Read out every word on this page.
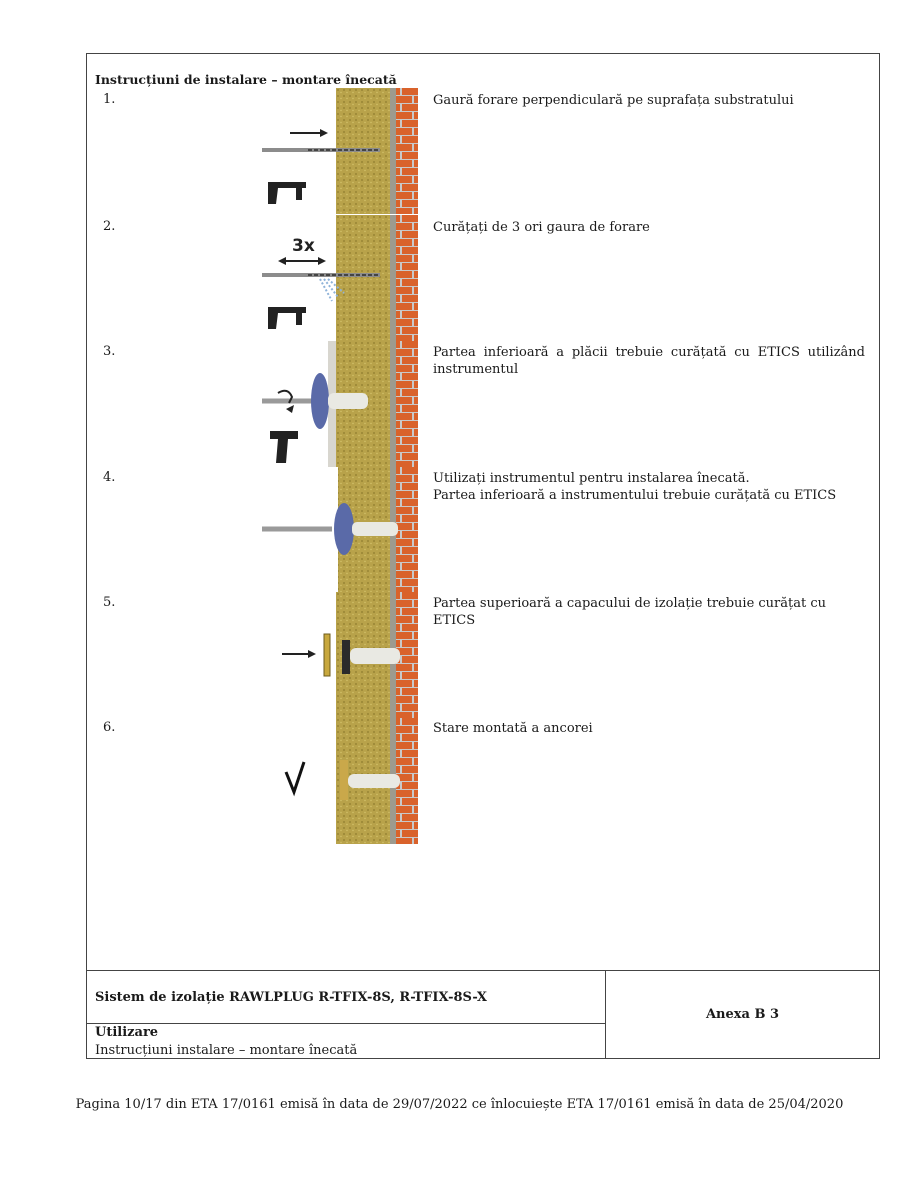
Instrucțiuni de instalare – montare înecată
1.
2.
3.
4.
5.
6.
Gaură forare perpendiculară pe suprafața substratului
Curățați de 3 ori gaura de forare
Partea inferioară a plăcii trebuie curățată cu ETICS utilizând instrumentul
Utilizați instrumentul pentru instalarea înecată.
Partea inferioară a instrumentului trebuie curățată cu ETICS
Partea superioară a capacului de izolație trebuie curățat cu ETICS
Stare montată a ancorei
3x
Sistem de izolație RAWLPLUG R-TFIX-8S, R-TFIX-8S-X
Anexa B 3
Utilizare
Instrucțiuni instalare – montare înecată
Pagina 10/17 din ETA 17/0161 emisă în data de 29/07/2022 ce înlocuiește ETA 17/0161 emisă în data de 25/04/2020
